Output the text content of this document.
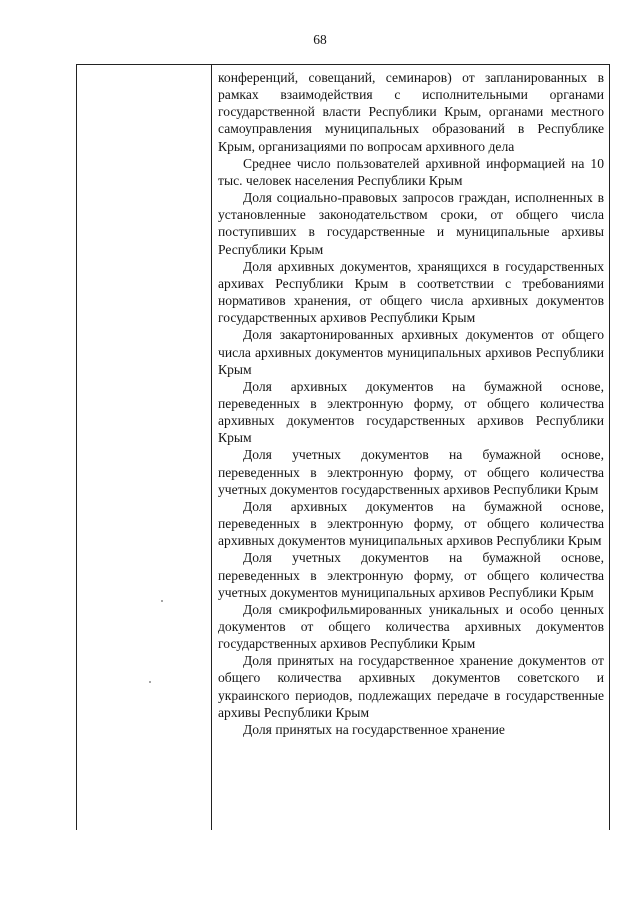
68

конференций, совещаний, семинаров) от запланированных в рамках взаимодействия с исполнительными органами государственной власти Республики Крым, органами местного самоуправления муниципальных образований в Республике Крым, организациями по вопросам архивного дела

Среднее число пользователей архивной информацией на 10 тыс. человек населения Республики Крым

Доля социально-правовых запросов граждан, исполненных в установленные законодательством сроки, от общего числа поступивших в государственные и муниципальные архивы Республики Крым

Доля архивных документов, хранящихся в государственных архивах Республики Крым в соответствии с требованиями нормативов хранения, от общего числа архивных документов государственных архивов Республики Крым

Доля закартонированных архивных документов от общего числа архивных документов муниципальных архивов Республики Крым

Доля архивных документов на бумажной основе, переведенных в электронную форму, от общего количества архивных документов государственных архивов Республики Крым

Доля учетных документов на бумажной основе, переведенных в электронную форму, от общего количества учетных документов государственных архивов Республики Крым

Доля архивных документов на бумажной основе, переведенных в электронную форму, от общего количества архивных документов муниципальных архивов Республики Крым

Доля учетных документов на бумажной основе, переведенных в электронную форму, от общего количества учетных документов муниципальных архивов Республики Крым

Доля смикрофильмированных уникальных и особо ценных документов от общего количества архивных документов государственных архивов Республики Крым

Доля принятых на государственное хранение документов от общего количества архивных документов советского и украинского периодов, подлежащих передаче в государственные архивы Республики Крым

Доля принятых на государственное хранение
